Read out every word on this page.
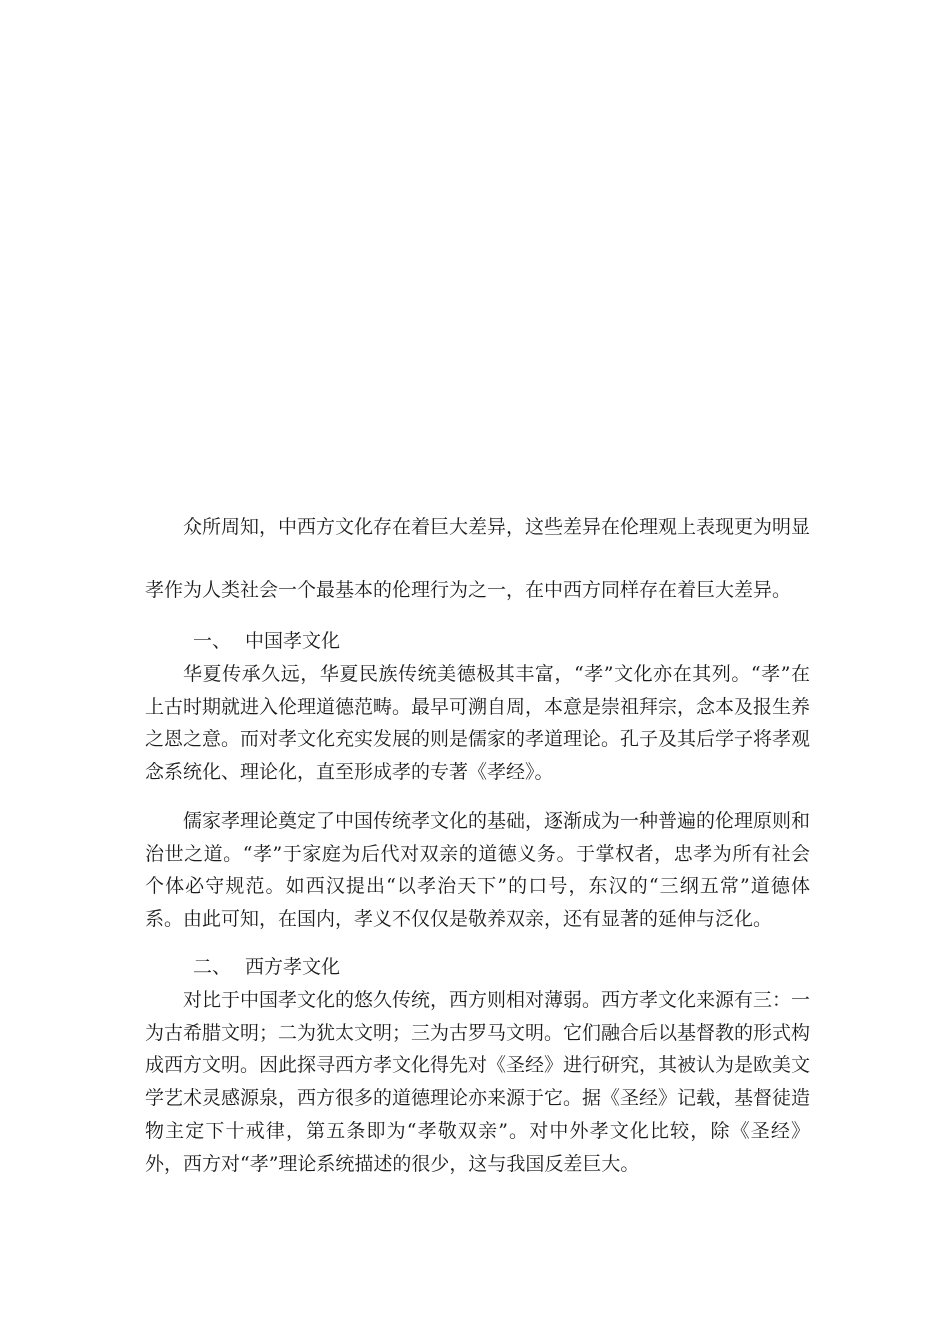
众所周知，中西方文化存在着巨大差异，这些差异在伦理观上表现更为明显
孝作为人类社会一个最基本的伦理行为之一，在中西方同样存在着巨大差异。
一、 中国孝文化
华夏传承久远，华夏民族传统美德极其丰富，“孝”文化亦在其列。“孝”在上古时期就进入伦理道德范畴。最早可溯自周，本意是崇祖拜宗，念本及报生养之恩之意。而对孝文化充实发展的则是儒家的孝道理论。孔子及其后学子将孝观念系统化、理论化，直至形成孝的专著《孝经》。
儒家孝理论奠定了中国传统孝文化的基础，逐渐成为一种普遍的伦理原则和治世之道。“孝”于家庭为后代对双亲的道德义务。于掌权者，忠孝为所有社会个体必守规范。如西汉提出“以孝治天下”的口号，东汉的“三纲五常”道德体系。由此可知，在国内，孝义不仅仅是敬养双亲，还有显著的延伸与泛化。
二、 西方孝文化
对比于中国孝文化的悠久传统，西方则相对薄弱。西方孝文化来源有三：一为古希腊文明；二为犹太文明；三为古罗马文明。它们融合后以基督教的形式构成西方文明。因此探寻西方孝文化得先对《圣经》进行研究，其被认为是欧美文学艺术灵感源泉，西方很多的道德理论亦来源于它。据《圣经》记载，基督徒造物主定下十戒律，第五条即为“孝敬双亲”。对中外孝文化比较，除《圣经》外，西方对“孝”理论系统描述的很少，这与我国反差巨大。
